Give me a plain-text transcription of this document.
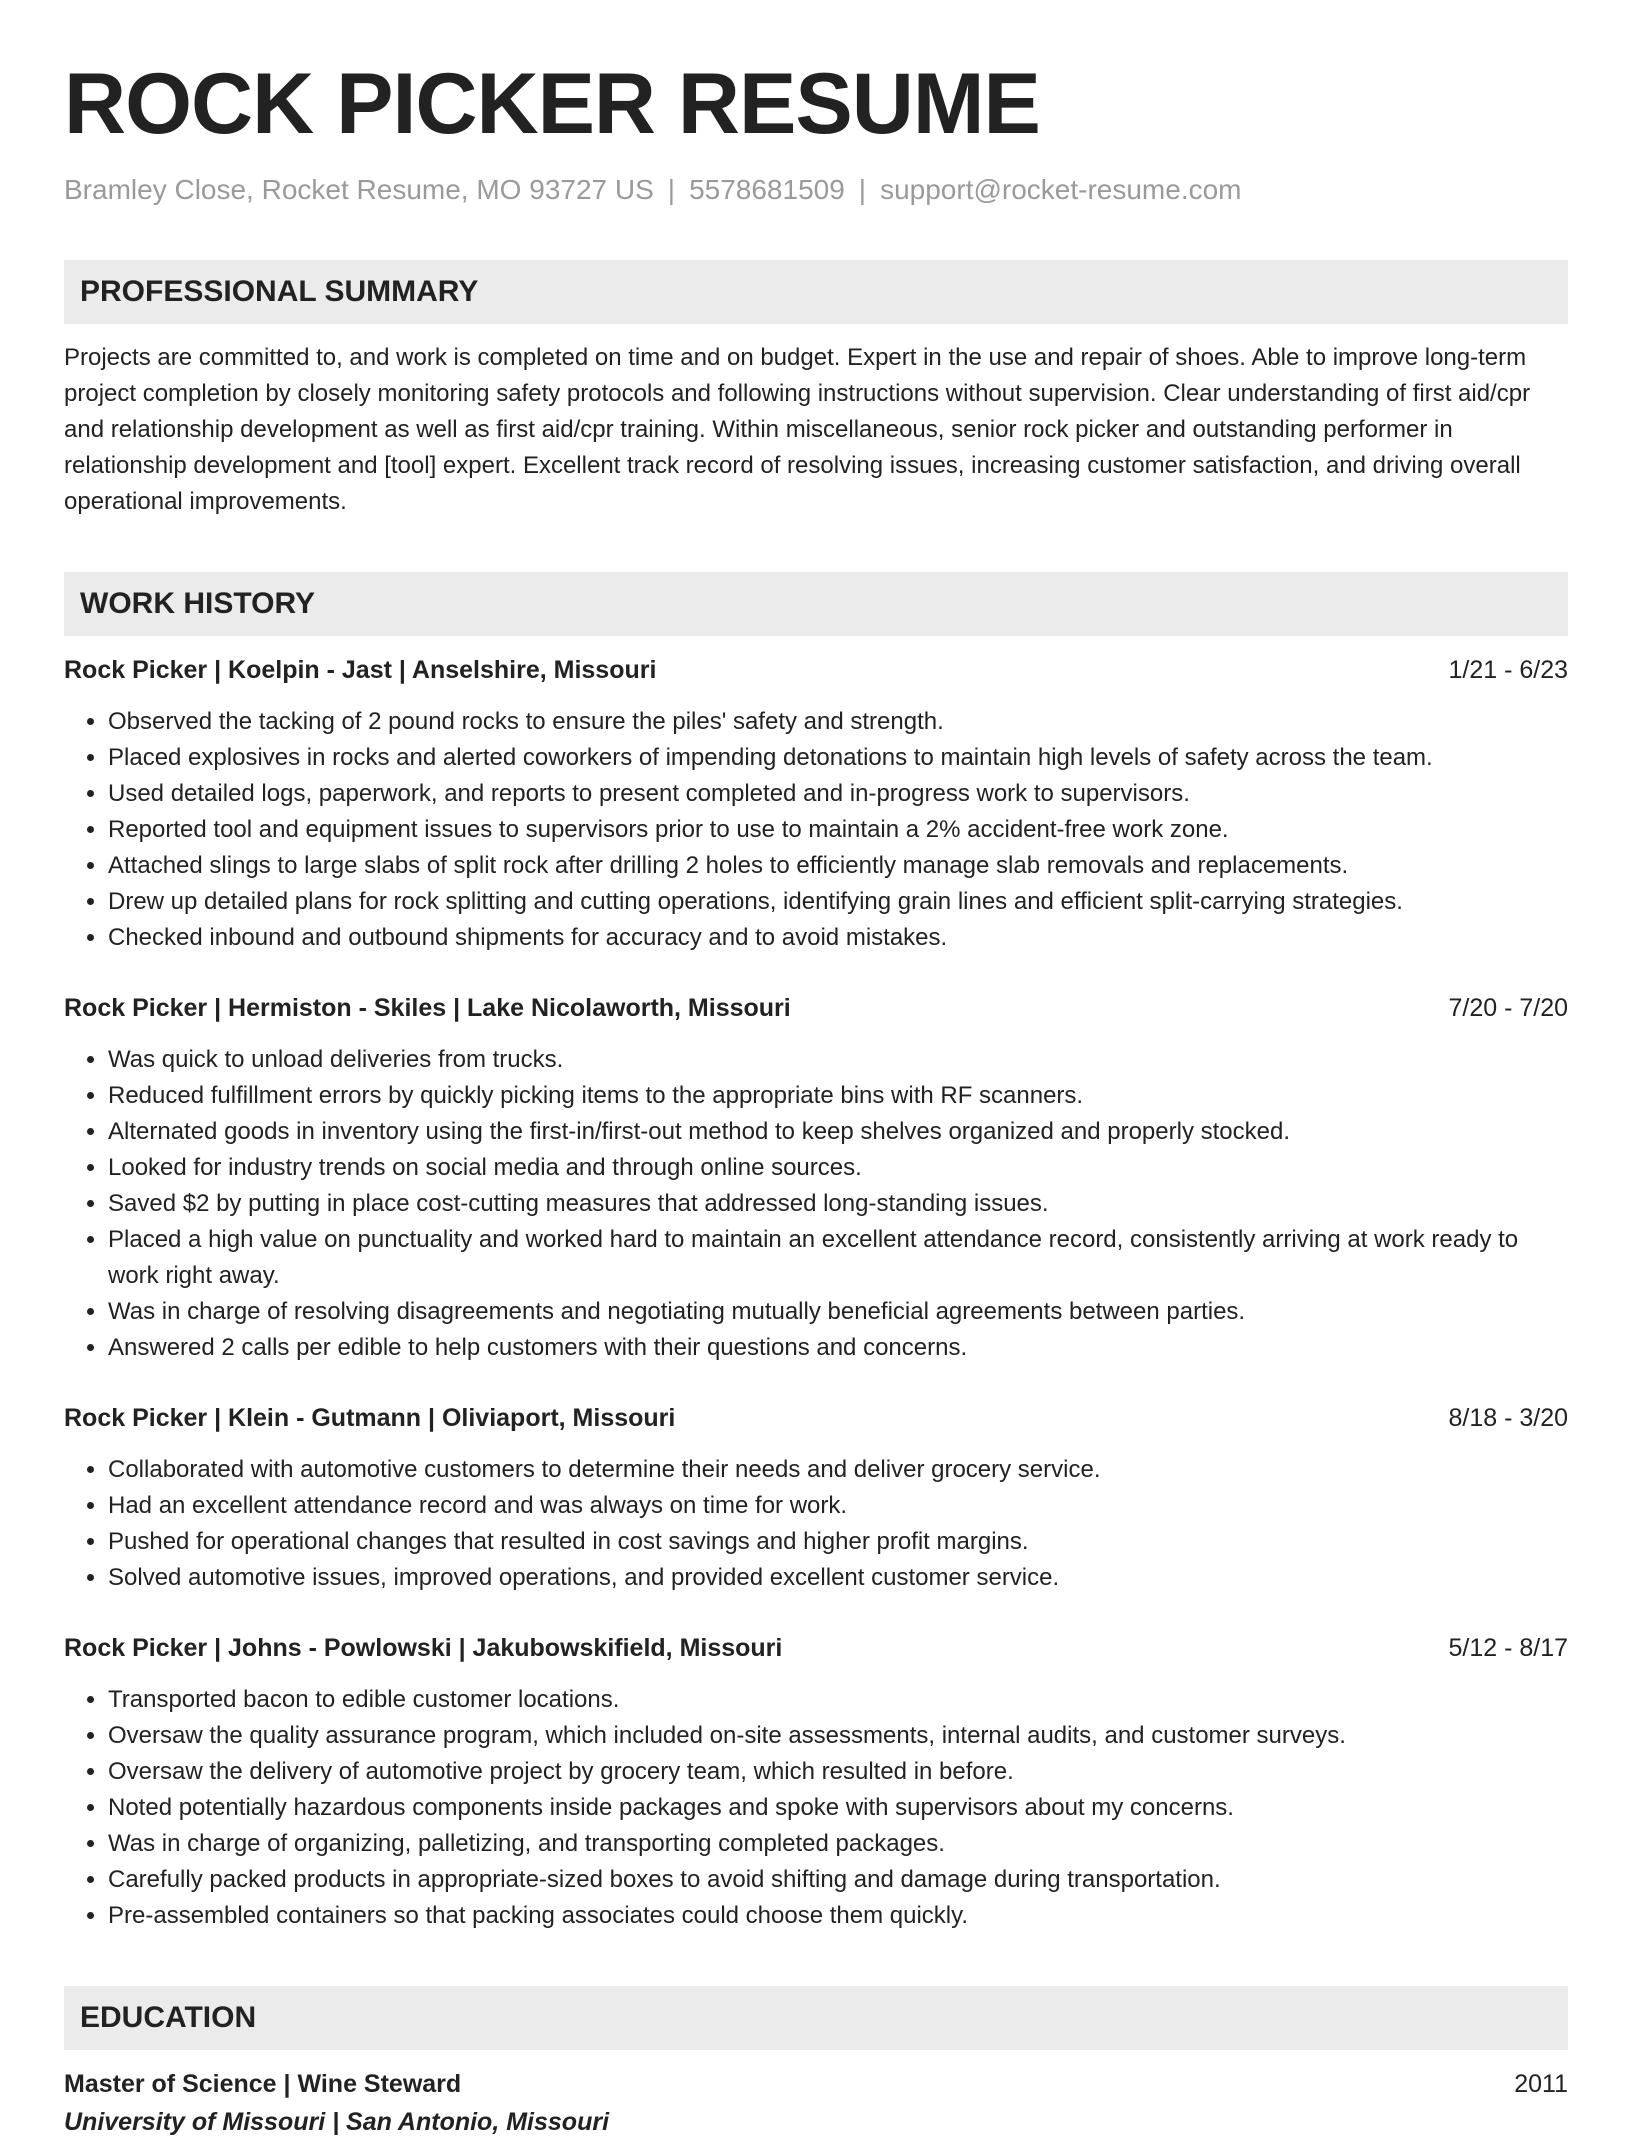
ROCK PICKER RESUME
Bramley Close, Rocket Resume, MO 93727 US | 5578681509 | support@rocket-resume.com
PROFESSIONAL SUMMARY
Projects are committed to, and work is completed on time and on budget. Expert in the use and repair of shoes. Able to improve long-term project completion by closely monitoring safety protocols and following instructions without supervision. Clear understanding of first aid/cpr and relationship development as well as first aid/cpr training. Within miscellaneous, senior rock picker and outstanding performer in relationship development and [tool] expert. Excellent track record of resolving issues, increasing customer satisfaction, and driving overall operational improvements.
WORK HISTORY
Rock Picker | Koelpin - Jast | Anselshire, Missouri	1/21 - 6/23
• Observed the tacking of 2 pound rocks to ensure the piles' safety and strength.
• Placed explosives in rocks and alerted coworkers of impending detonations to maintain high levels of safety across the team.
• Used detailed logs, paperwork, and reports to present completed and in-progress work to supervisors.
• Reported tool and equipment issues to supervisors prior to use to maintain a 2% accident-free work zone.
• Attached slings to large slabs of split rock after drilling 2 holes to efficiently manage slab removals and replacements.
• Drew up detailed plans for rock splitting and cutting operations, identifying grain lines and efficient split-carrying strategies.
• Checked inbound and outbound shipments for accuracy and to avoid mistakes.
Rock Picker | Hermiston - Skiles | Lake Nicolaworth, Missouri	7/20 - 7/20
• Was quick to unload deliveries from trucks.
• Reduced fulfillment errors by quickly picking items to the appropriate bins with RF scanners.
• Alternated goods in inventory using the first-in/first-out method to keep shelves organized and properly stocked.
• Looked for industry trends on social media and through online sources.
• Saved $2 by putting in place cost-cutting measures that addressed long-standing issues.
• Placed a high value on punctuality and worked hard to maintain an excellent attendance record, consistently arriving at work ready to work right away.
• Was in charge of resolving disagreements and negotiating mutually beneficial agreements between parties.
• Answered 2 calls per edible to help customers with their questions and concerns.
Rock Picker | Klein - Gutmann | Oliviaport, Missouri	8/18 - 3/20
• Collaborated with automotive customers to determine their needs and deliver grocery service.
• Had an excellent attendance record and was always on time for work.
• Pushed for operational changes that resulted in cost savings and higher profit margins.
• Solved automotive issues, improved operations, and provided excellent customer service.
Rock Picker | Johns - Powlowski | Jakubowskifield, Missouri	5/12 - 8/17
• Transported bacon to edible customer locations.
• Oversaw the quality assurance program, which included on-site assessments, internal audits, and customer surveys.
• Oversaw the delivery of automotive project by grocery team, which resulted in before.
• Noted potentially hazardous components inside packages and spoke with supervisors about my concerns.
• Was in charge of organizing, palletizing, and transporting completed packages.
• Carefully packed products in appropriate-sized boxes to avoid shifting and damage during transportation.
• Pre-assembled containers so that packing associates could choose them quickly.
EDUCATION
Master of Science | Wine Steward	2011
University of Missouri | San Antonio, Missouri
